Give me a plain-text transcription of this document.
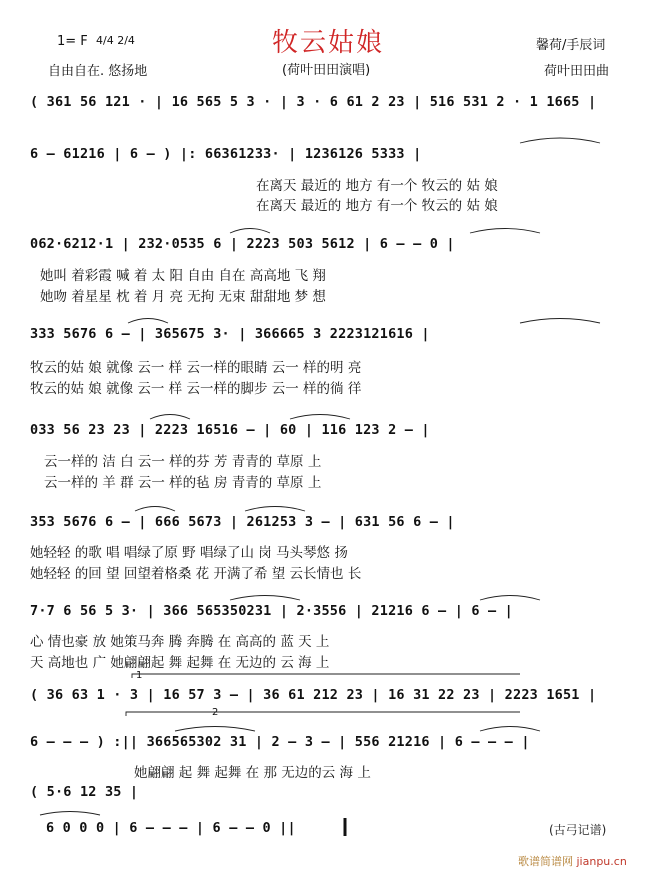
牧云姑娘
1= F 4/4 2/4
自由自在. 悠扬地	(荷叶田田演唱)
馨荷/手辰词
荷叶田田曲
( 361 56 121 · | 16 565 5 3 · | 3 · 6 61 2 23 | 516 531 2 · 1 1665 |
6 – 61216 | 6 – ) |: 66361233· | 1236126 5333 |
在离天 最近的 地方 有一个 牧云的 姑 娘
在离天 最近的 地方 有一个 牧云的 姑 娘
062·6212·1 | 232·0535 6 | 2223 503 5612 | 6 – – 0 |
她叫 着彩霞 喊 着 太 阳 自由 自在 高高地 飞 翔
她吻 着星星 枕 着 月 亮 无拘 无束 甜甜地 梦 想
333 5676 6 – | 365675 3· | 366665 3 2223121616 |
牧云的姑 娘 就像 云一 样 云一样的眼睛 云一 样的明 亮
牧云的姑 娘 就像 云一 样 云一样的脚步 云一 样的徜 徉
033 56 23 23 | 2223 16516 – | 60 | 116 123 2 – |
云一样的 洁 白 云一 样的芬 芳 青青的 草原 上
云一样的 羊 群 云一 样的毡 房 青青的 草原 上
353 5676 6 – | 666 5673 | 261253 3 – | 631 56 6 – |
她轻轻 的歌 唱 唱绿了原 野 唱绿了山 岗 马头琴悠 扬
她轻轻 的回 望 回望着格桑 花 开满了希 望 云长情也 长
7·7 6 56 5 3· | 366 565350231 | 2·3556 | 21216 6 – | 6 – |
心 情也豪 放 她策马奔 腾 奔腾 在 高高的 蓝 天 上
天 高地也 广 她翩翩起 舞 起舞 在 无边的 云 海 上
( 36 63 1 · 3 | 16 57 3 – | 36 61 212 23 | 16 31 22 23 | 2223 1651 |
1
2
6 – – – ) :|| 366565302 31 | 2 – 3 – | 556 21216 | 6 – – – |
她翩翩 起 舞 起舞 在 那 无边的云 海 上
( 5·6 12 35 |
6 0 0 0 | 6 – – – | 6 – – 0 ||	(古弓记谱)
歌谱简谱网 jianpu.cn
